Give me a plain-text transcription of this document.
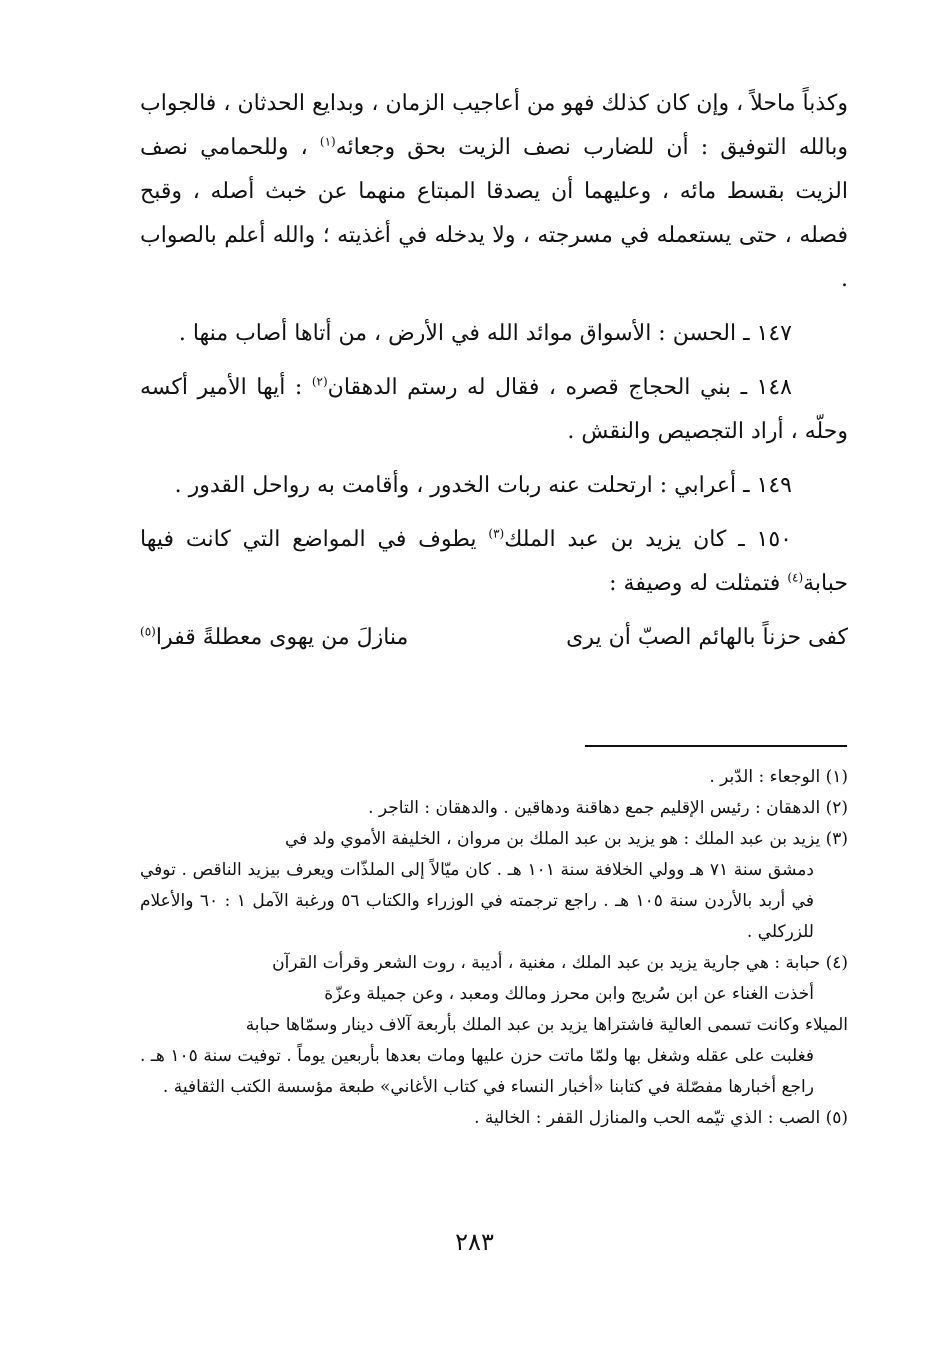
وكذباً ماحلاً ، وإن كان كذلك فهو من أعاجيب الزمان ، وبدايع الحدثان ، فالجواب وبالله التوفيق : أن للضارب نصف الزيت بحق وجعائه$^{(١)}$ ، وللحمامي نصف الزيت بقسط مائه ، وعليهما أن يصدقا المبتاع منهما عن خبث أصله ، وقبح فصله ، حتى يستعمله في مسرجته ، ولا يدخله في أغذيته ؛ والله أعلم بالصواب .

١٤٧ ـ الحسن : الأسواق موائد الله في الأرض ، من أتاها أصاب منها .

١٤٨ ـ بني الحجاج قصره ، فقال له رستم الدهقان$^{(٢)}$ : أيها الأمير أكسه وحلّه ، أراد التجصيص والنقش .

١٤٩ ـ أعرابي : ارتحلت عنه ربات الخدور ، وأقامت به رواحل القدور .

١٥٠ ـ كان يزيد بن عبد الملك$^{(٣)}$ يطوف في المواضع التي كانت فيها حبابة$^{(٤)}$ فتمثلت له وصيفة :

كفى حزناً بالهائم الصبّ أن يرى
منازلَ من يهوى معطلةً قفرا$^{(٥)}$

(١) الوجعاء : الدّبر .

(٢) الدهقان : رئيس الإقليم جمع دهاقنة ودهاقين . والدهقان : التاجر .

(٣) يزيد بن عبد الملك : هو يزيد بن عبد الملك بن مروان ، الخليفة الأموي ولد في

دمشق سنة ٧١ هـ وولي الخلافة سنة ١٠١ هـ . كان ميّالاً إلى الملذّات ويعرف بيزيد الناقص . توفي في أربد بالأردن سنة ١٠٥ هـ . راجع ترجمته في الوزراء والكتاب ٥٦ ورغبة الآمل ١ : ٦٠ والأعلام للزركلي .

(٤) حبابة : هي جارية يزيد بن عبد الملك ، مغنية ، أديبة ، روت الشعر وقرأت القرآن

أخذت الغناء عن ابن سُريج وابن محرز ومالك ومعبد ، وعن جميلة وعزّة

الميلاء وكانت تسمى العالية فاشتراها يزيد بن عبد الملك بأربعة آلاف دينار وسمّاها حبابة

فغلبت على عقله وشغل بها ولمّا ماتت حزن عليها ومات بعدها بأربعين يوماً . توفيت سنة ١٠٥ هـ . راجع أخبارها مفصّلة في كتابنا «أخبار النساء في كتاب الأغاني» طبعة مؤسسة الكتب الثقافية .

(٥) الصب : الذي تيّمه الحب والمنازل القفر : الخالية .

٢٨٣
